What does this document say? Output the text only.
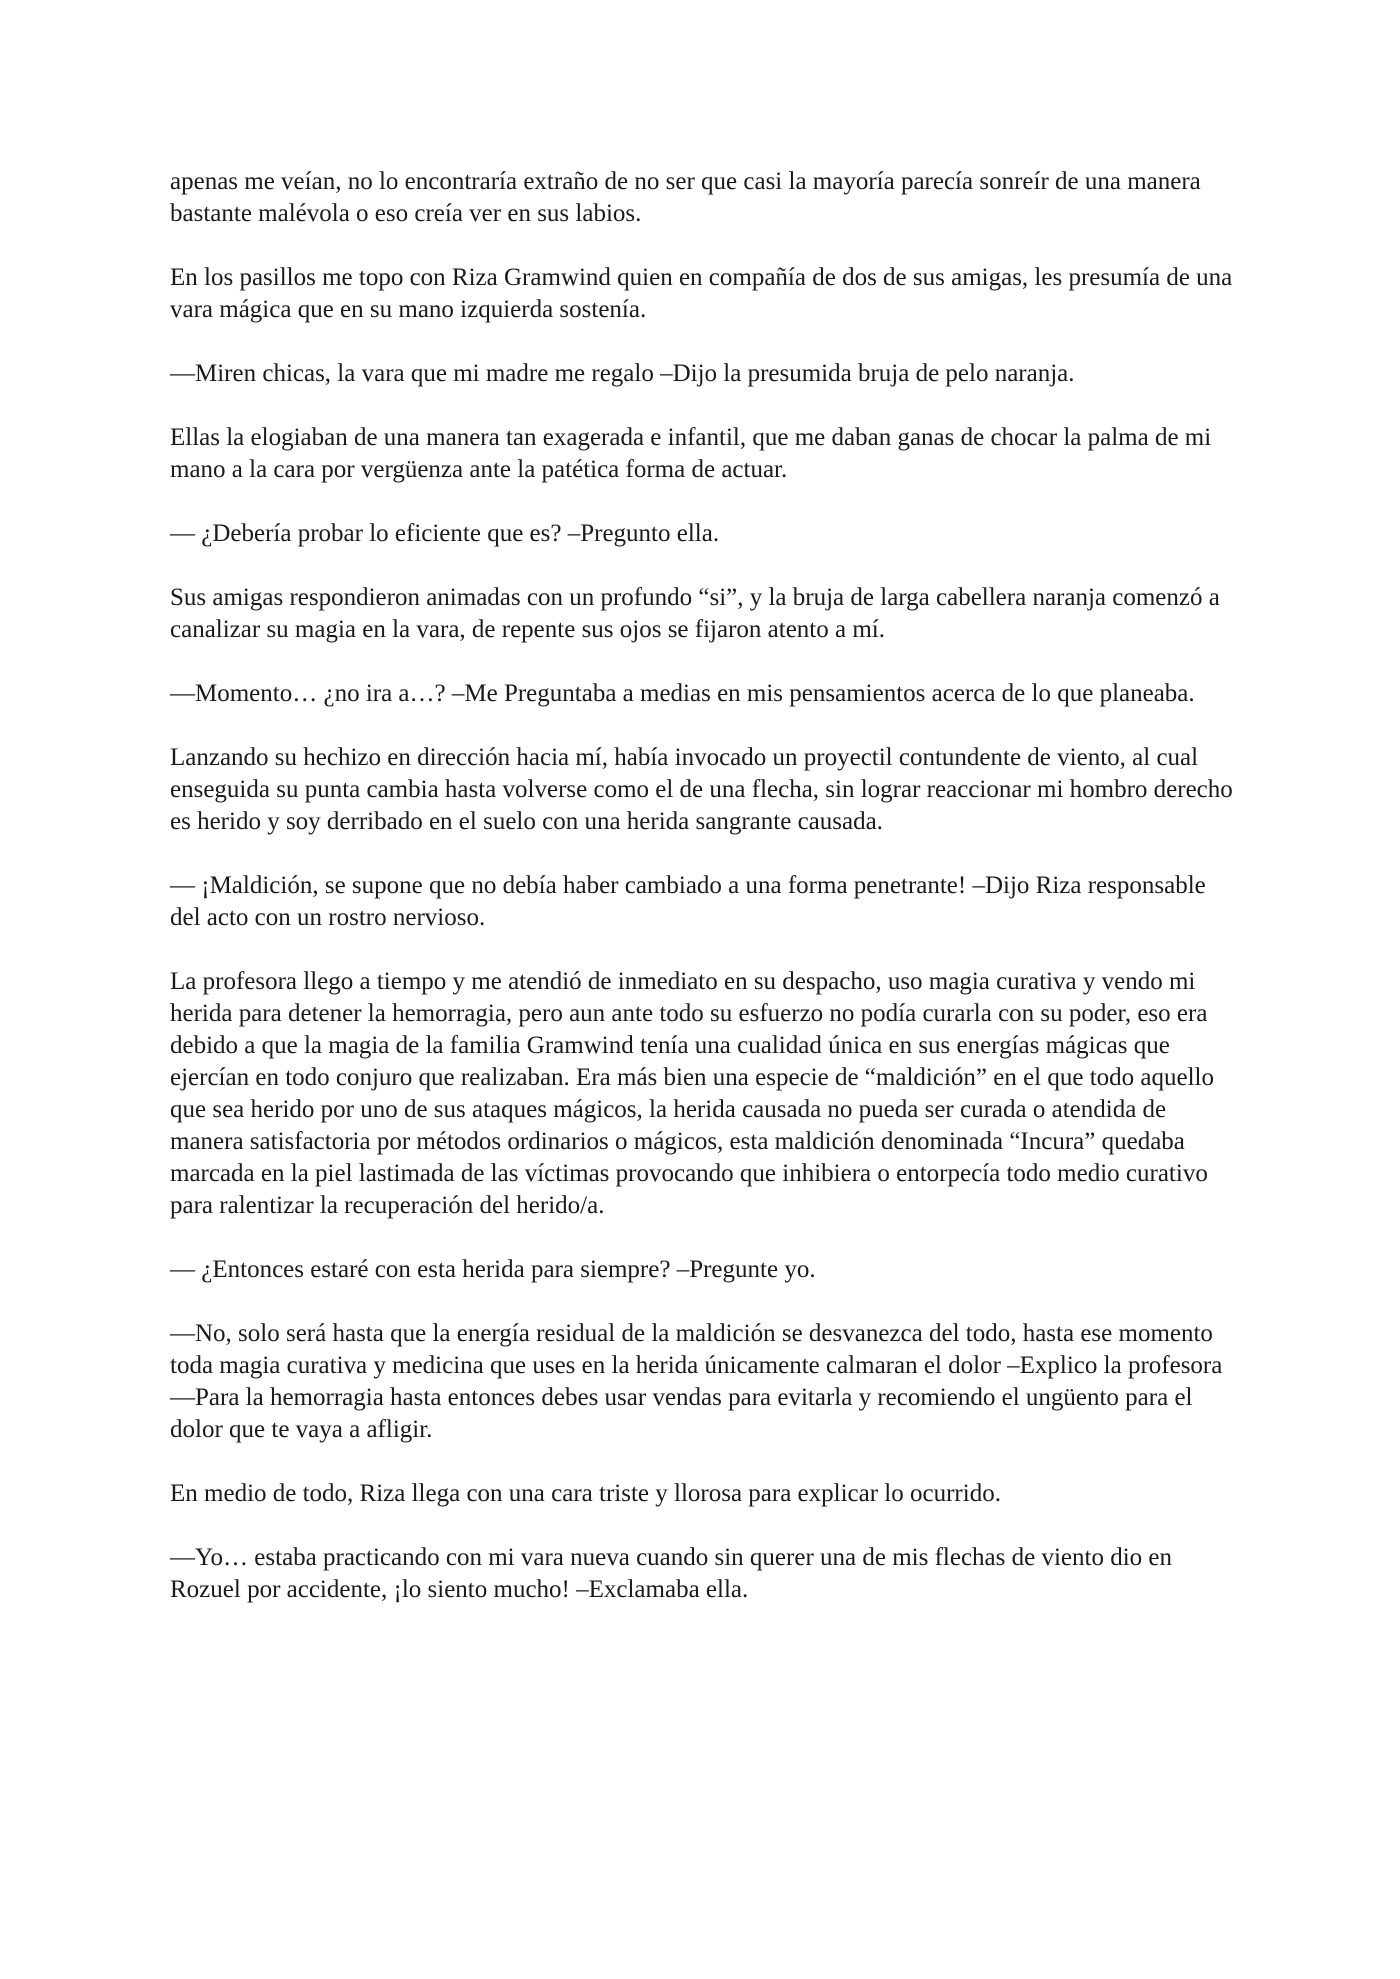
apenas me veían, no lo encontraría extraño de no ser que casi la mayoría parecía sonreír de una manera bastante malévola o eso creía ver en sus labios.

En los pasillos me topo con Riza Gramwind quien en compañía de dos de sus amigas, les presumía de una vara mágica que en su mano izquierda sostenía.

—Miren chicas, la vara que mi madre me regalo –Dijo la presumida bruja de pelo naranja.

Ellas la elogiaban de una manera tan exagerada e infantil, que me daban ganas de chocar la palma de mi mano a la cara por vergüenza ante la patética forma de actuar.

— ¿Debería probar lo eficiente que es? –Pregunto ella.

Sus amigas respondieron animadas con un profundo “si”, y la bruja de larga cabellera naranja comenzó a canalizar su magia en la vara, de repente sus ojos se fijaron atento a mí.

—Momento… ¿no ira a…? –Me Preguntaba a medias en mis pensamientos acerca de lo que planeaba.

Lanzando su hechizo en dirección hacia mí, había invocado un proyectil contundente de viento, al cual enseguida su punta cambia hasta volverse como el de una flecha, sin lograr reaccionar mi hombro derecho es herido y soy derribado en el suelo con una herida sangrante causada.

— ¡Maldición, se supone que no debía haber cambiado a una forma penetrante! –Dijo Riza responsable del acto con un rostro nervioso.

La profesora llego a tiempo y me atendió de inmediato en su despacho, uso magia curativa y vendo mi herida para detener la hemorragia, pero aun ante todo su esfuerzo no podía curarla con su poder, eso era debido a que la magia de la familia Gramwind tenía una cualidad única en sus energías mágicas que ejercían en todo conjuro que realizaban. Era más bien una especie de “maldición” en el que todo aquello que sea herido por uno de sus ataques mágicos, la herida causada no pueda ser curada o atendida de manera satisfactoria por métodos ordinarios o mágicos, esta maldición denominada “Incura” quedaba marcada en la piel lastimada de las víctimas provocando que inhibiera o entorpecía todo medio curativo para ralentizar la recuperación del herido/a.

— ¿Entonces estaré con esta herida para siempre? –Pregunte yo.

—No, solo será hasta que la energía residual de la maldición se desvanezca del todo, hasta ese momento toda magia curativa y medicina que uses en la herida únicamente calmaran el dolor –Explico la profesora —Para la hemorragia hasta entonces debes usar vendas para evitarla y recomiendo el ungüento para el dolor que te vaya a afligir.

En medio de todo, Riza llega con una cara triste y llorosa para explicar lo ocurrido.

—Yo… estaba practicando con mi vara nueva cuando sin querer una de mis flechas de viento dio en Rozuel por accidente, ¡lo siento mucho! –Exclamaba ella.
